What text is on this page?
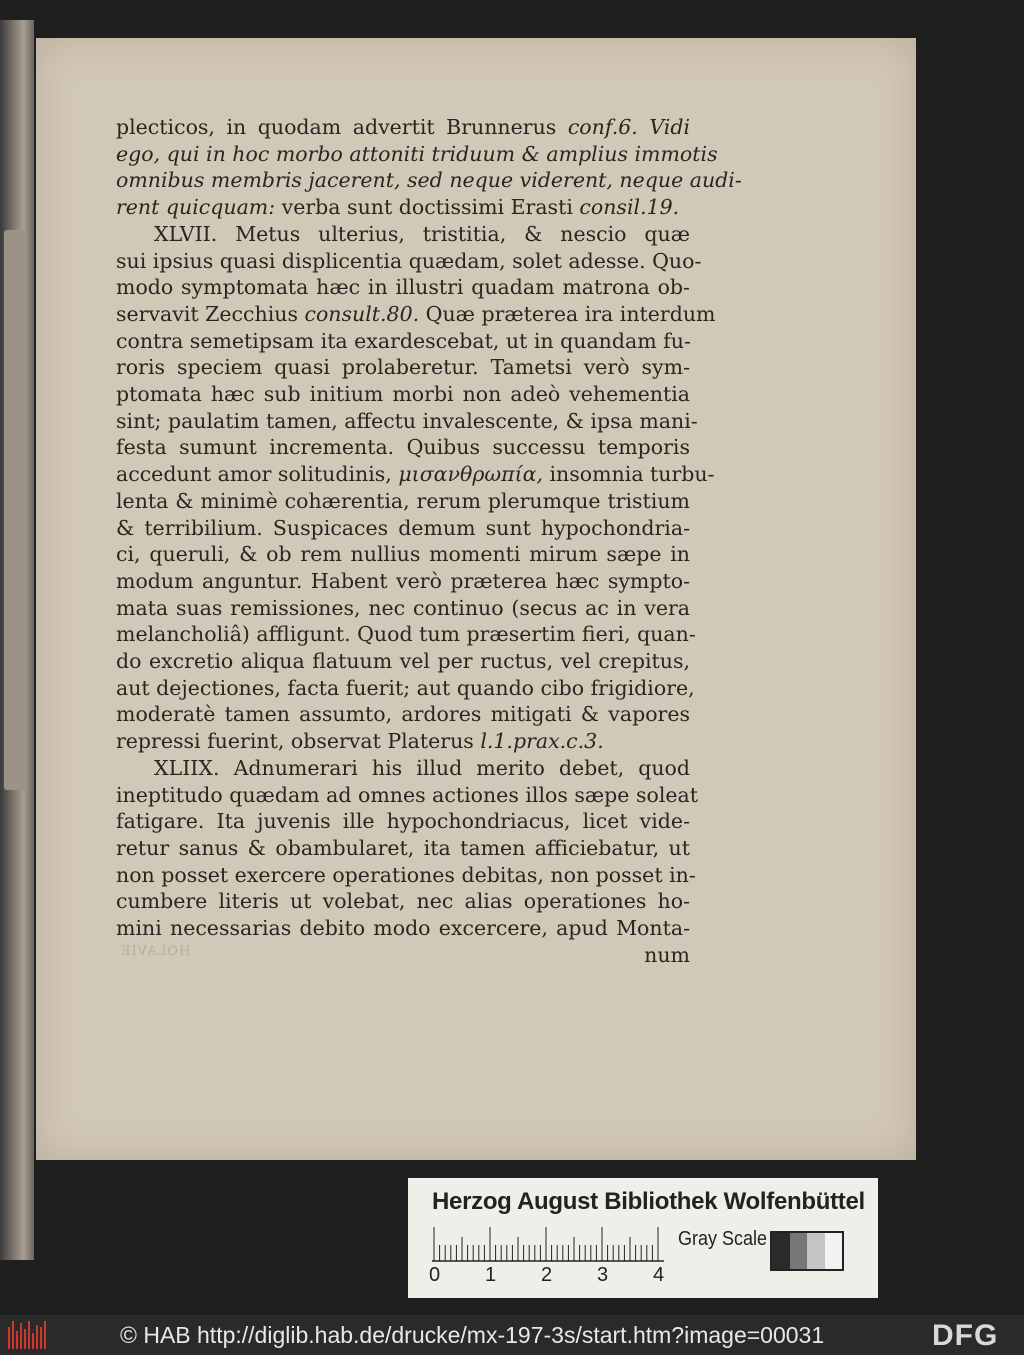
plecticos, in quodam advertit Brunnerus conf.6. Vidi
ego, qui in hoc morbo attoniti triduum & amplius immotis
omnibus membris jacerent, sed neque viderent, neque audi-
rent quicquam: verba sunt doctissimi Erasti consil.19.
XLVII. Metus ulterius, tristitia, & nescio quæ
sui ipsius quasi displicentia quædam, solet adesse. Quo-
modo symptomata hæc in illustri quadam matrona ob-
servavit Zecchius consult.80. Quæ præterea ira interdum
contra semetipsam ita exardescebat, ut in quandam fu-
roris speciem quasi prolaberetur. Tametsi verò sym-
ptomata hæc sub initium morbi non adeò vehementia
sint; paulatim tamen, affectu invalescente, & ipsa mani-
festa sumunt incrementa. Quibus successu temporis
accedunt amor solitudinis, μισανθρωπία, insomnia turbu-
lenta & minimè cohærentia, rerum plerumque tristium
& terribilium. Suspicaces demum sunt hypochondria-
ci, queruli, & ob rem nullius momenti mirum sæpe in
modum anguntur. Habent verò præterea hæc sympto-
mata suas remissiones, nec continuo (secus ac in vera
melancholiâ) affligunt. Quod tum præsertim fieri, quan-
do excretio aliqua flatuum vel per ructus, vel crepitus,
aut dejectiones, facta fuerit; aut quando cibo frigidiore,
moderatè tamen assumto, ardores mitigati & vapores
repressi fuerint, observat Platerus l.1.prax.c.3.
XLIIX. Adnumerari his illud merito debet, quod
ineptitudo quædam ad omnes actiones illos sæpe soleat
fatigare. Ita juvenis ille hypochondriacus, licet vide-
retur sanus & obambularet, ita tamen afficiebatur, ut
non posset exercere operationes debitas, non posset in-
cumbere literis ut volebat, nec alias operationes ho-
mini necessarias debito modo excercere, apud Monta-
num
HOLAVIE
Herzog August Bibliothek Wolfenbüttel
0 1 2 3 4
Gray Scale
© HAB http://diglib.hab.de/drucke/mx-197-3s/start.htm?image=00031	DFG
